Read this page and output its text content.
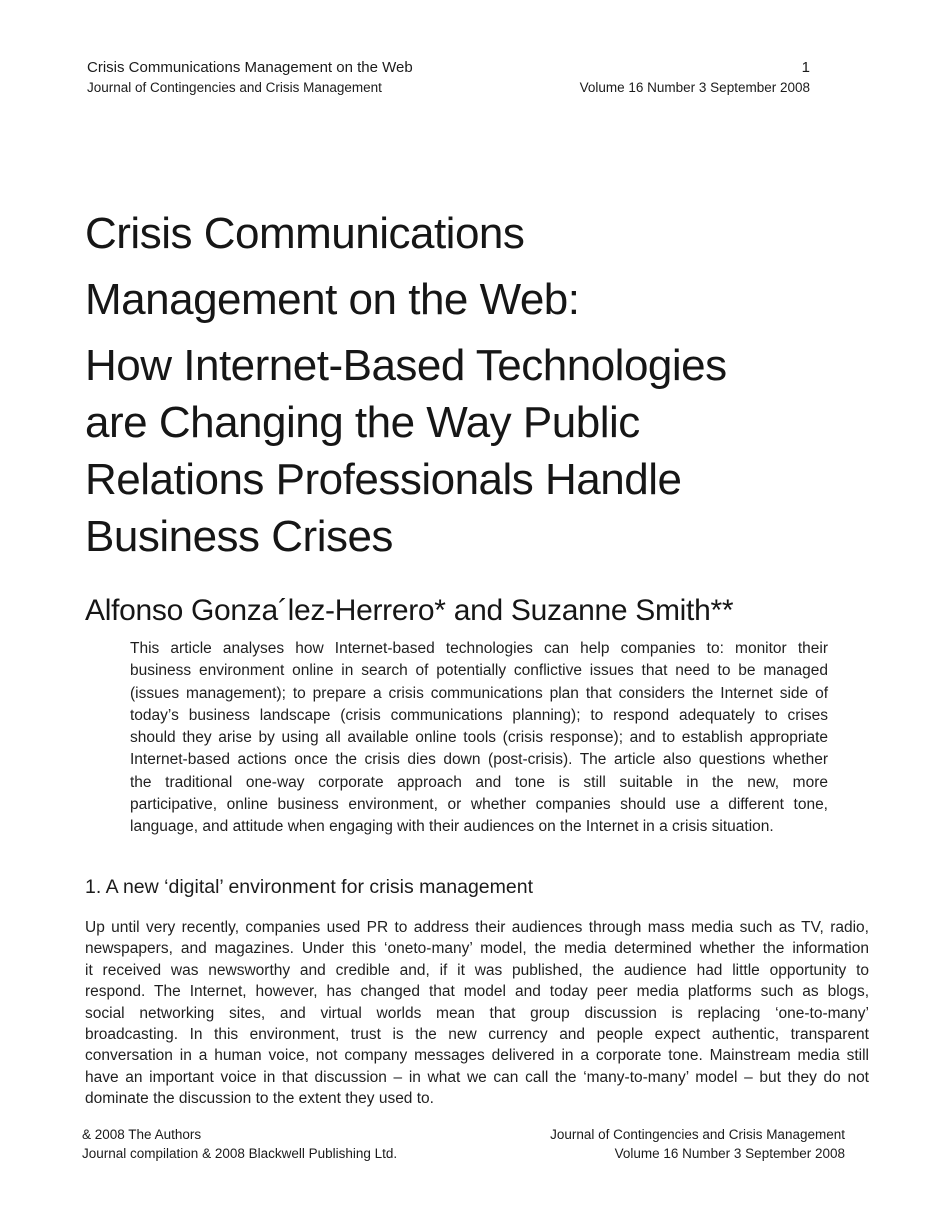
Crisis Communications Management on the Web	1
Journal of Contingencies and Crisis Management	Volume 16 Number 3 September 2008
Crisis Communications
Management on the Web:
How Internet-Based Technologies
are Changing the Way Public
Relations Professionals Handle
Business Crises
Alfonso Gonza´lez-Herrero* and Suzanne Smith**
This article analyses how Internet-based technologies can help companies to: monitor their
business environment online in search of potentially conflictive issues that need to be managed
(issues management); to prepare a crisis communications plan that considers the Internet side of
today’s business landscape (crisis communications planning); to respond adequately to crises
should they arise by using all available online tools (crisis response); and to establish appropriate
Internet-based actions once the crisis dies down (post-crisis). The article also questions whether
the traditional one-way corporate approach and tone is still suitable in the new, more
participative, online business environment, or whether companies should use a different tone,
language, and attitude when engaging with their audiences on the Internet in a crisis situation.
1. A new ‘digital’ environment for crisis management
Up until very recently, companies used PR to address their audiences through mass media such as TV, radio,
newspapers, and magazines. Under this ‘oneto-many’ model, the media determined whether the information
it received was newsworthy and credible and, if it was published, the audience had little opportunity to
respond. The Internet, however, has changed that model and today peer media platforms such as blogs,
social networking sites, and virtual worlds mean that group discussion is replacing ‘one-to-many’
broadcasting. In this environment, trust is the new currency and people expect authentic, transparent
conversation in a human voice, not company messages delivered in a corporate tone. Mainstream media still
have an important voice in that discussion – in what we can call the ‘many-to-many’ model – but they do not
dominate the discussion to the extent they used to.
& 2008 The Authors	Journal of Contingencies and Crisis Management
Journal compilation & 2008 Blackwell Publishing Ltd.	Volume 16 Number 3 September 2008
